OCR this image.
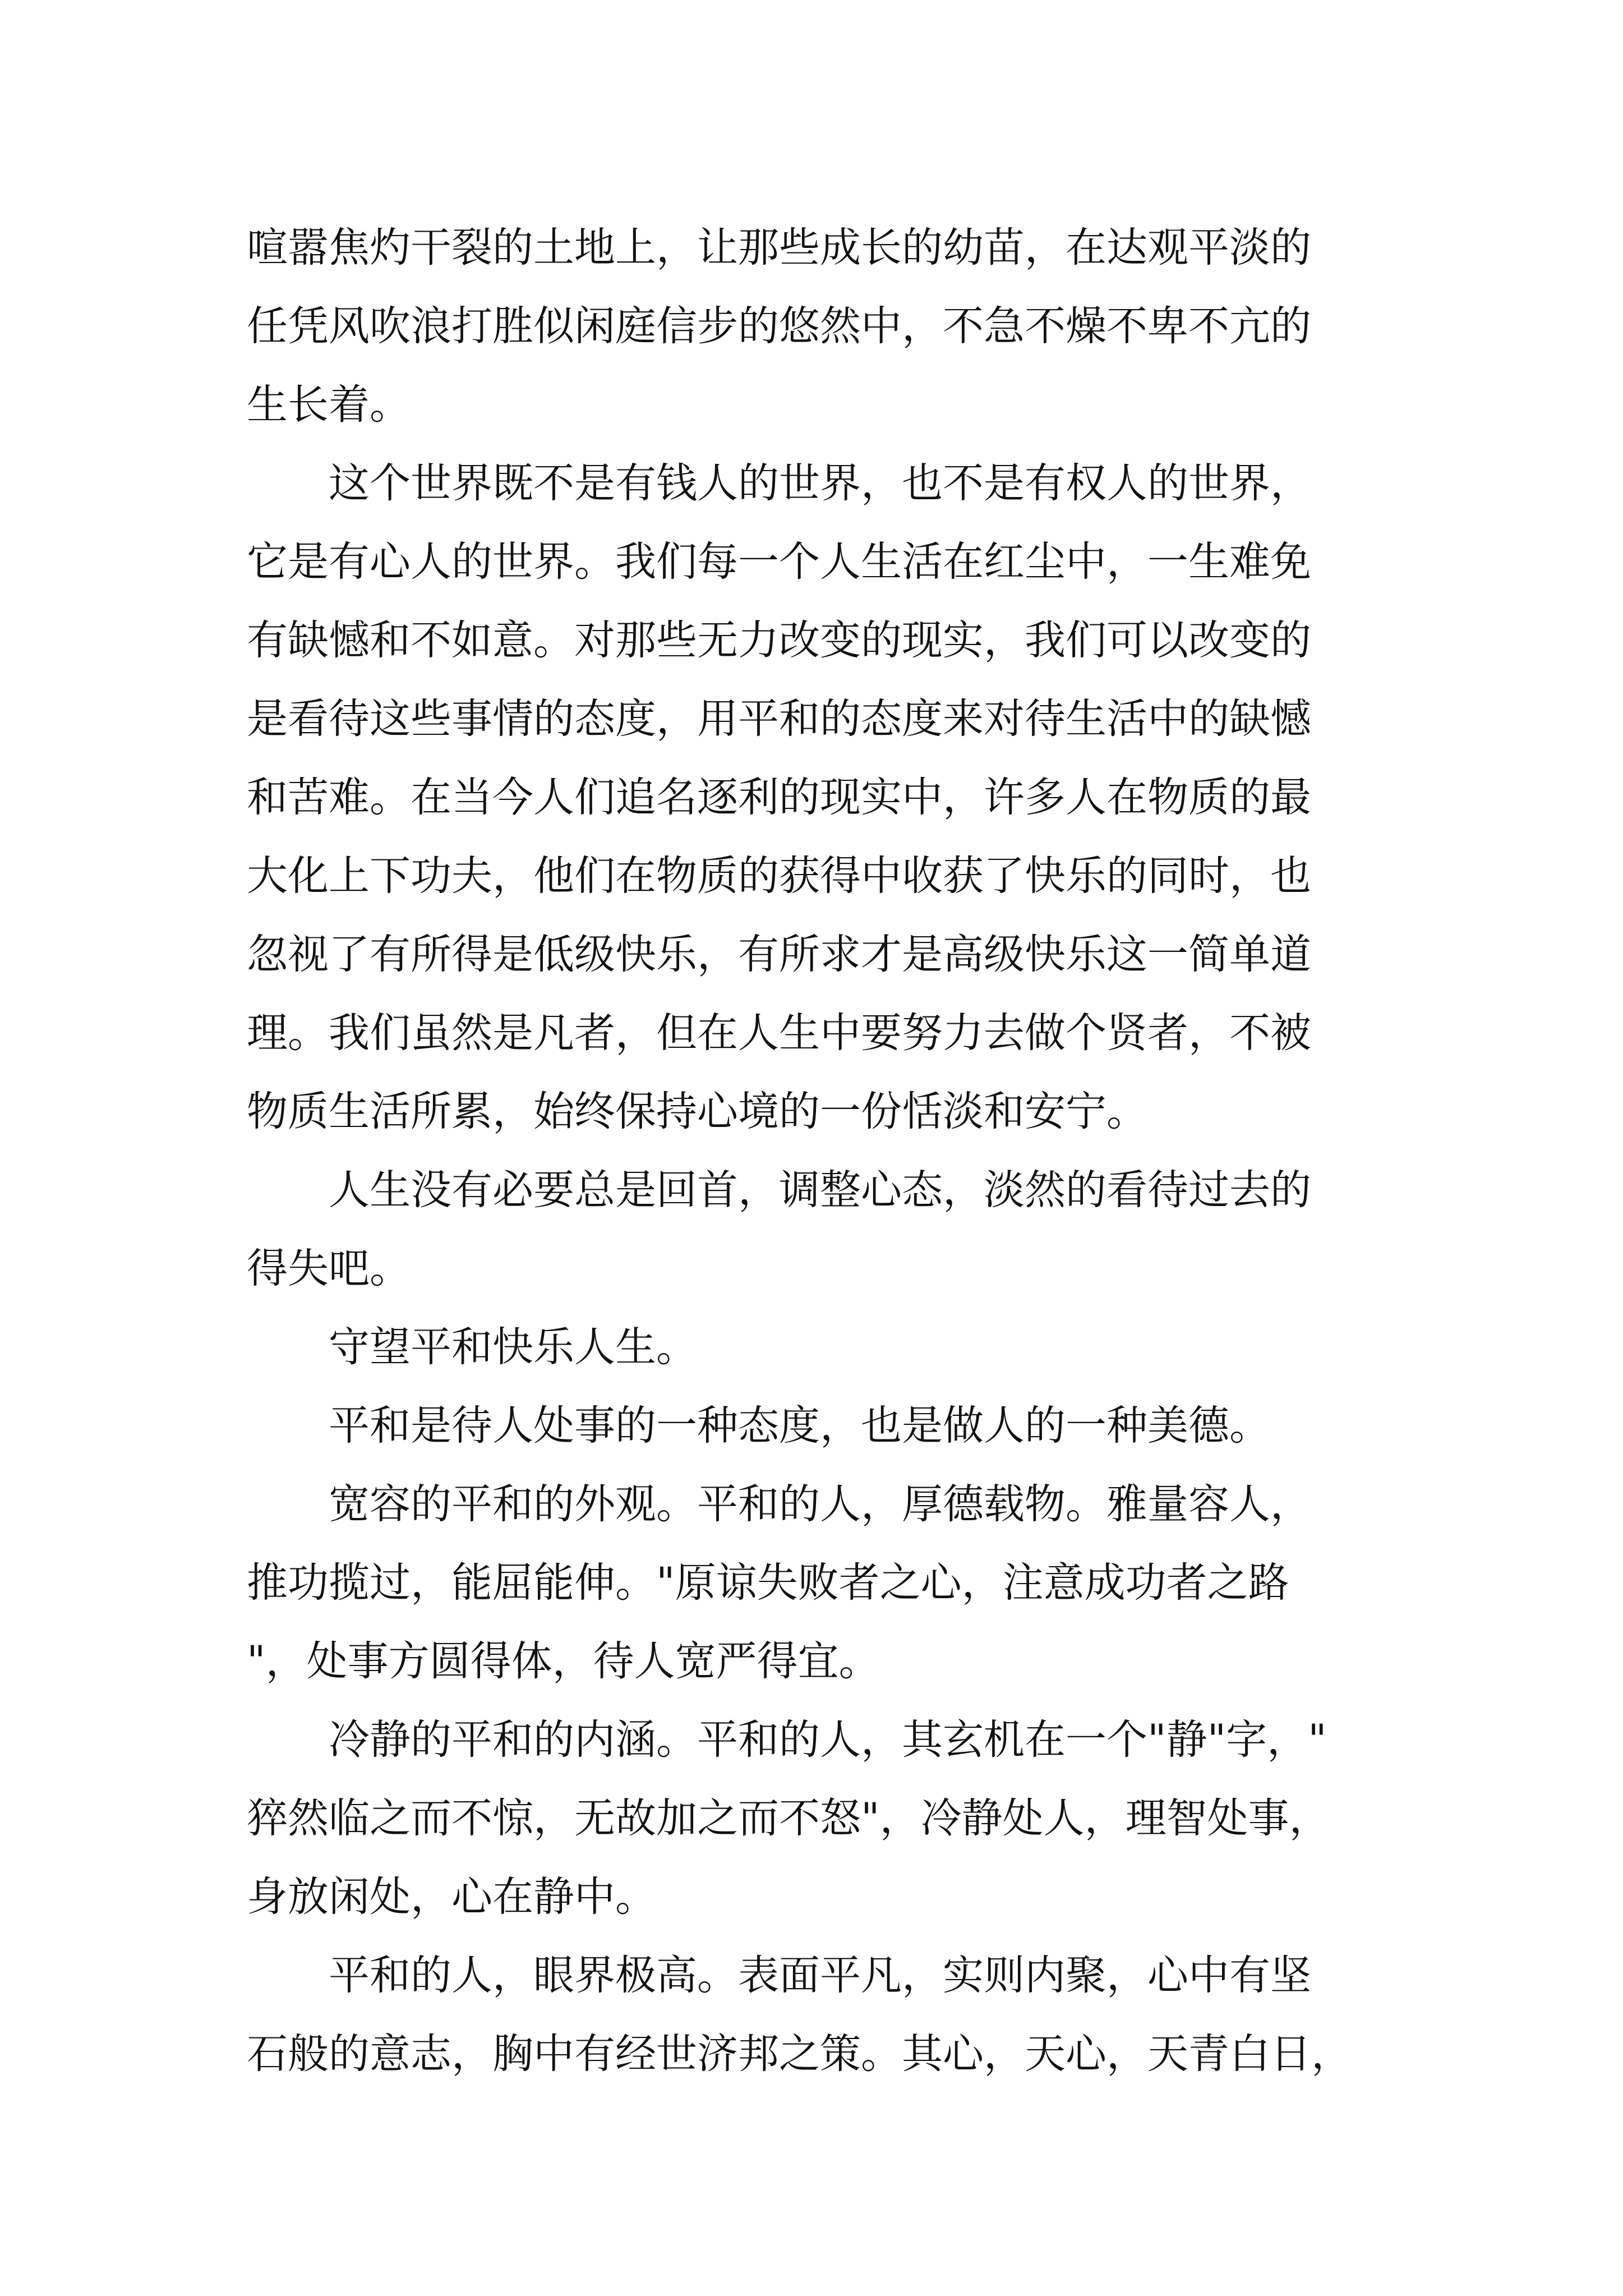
喧嚣焦灼干裂的土地上，让那些成长的幼苗，在达观平淡的
任凭风吹浪打胜似闲庭信步的悠然中，不急不燥不卑不亢的
生长着。
　　这个世界既不是有钱人的世界，也不是有权人的世界，
它是有心人的世界。我们每一个人生活在红尘中，一生难免
有缺憾和不如意。对那些无力改变的现实，我们可以改变的
是看待这些事情的态度，用平和的态度来对待生活中的缺憾
和苦难。在当今人们追名逐利的现实中，许多人在物质的最
大化上下功夫，他们在物质的获得中收获了快乐的同时，也
忽视了有所得是低级快乐，有所求才是高级快乐这一简单道
理。我们虽然是凡者，但在人生中要努力去做个贤者，不被
物质生活所累，始终保持心境的一份恬淡和安宁。
　　人生没有必要总是回首，调整心态，淡然的看待过去的
得失吧。
　　守望平和快乐人生。
　　平和是待人处事的一种态度，也是做人的一种美德。
　　宽容的平和的外观。平和的人，厚德载物。雅量容人，
推功揽过，能屈能伸。"原谅失败者之心，注意成功者之路
"，处事方圆得体，待人宽严得宜。
　　冷静的平和的内涵。平和的人，其玄机在一个"静"字，"
猝然临之而不惊，无故加之而不怒"，冷静处人，理智处事，
身放闲处，心在静中。
　　平和的人，眼界极高。表面平凡，实则内聚，心中有坚
石般的意志，胸中有经世济邦之策。其心，天心，天青白日，
